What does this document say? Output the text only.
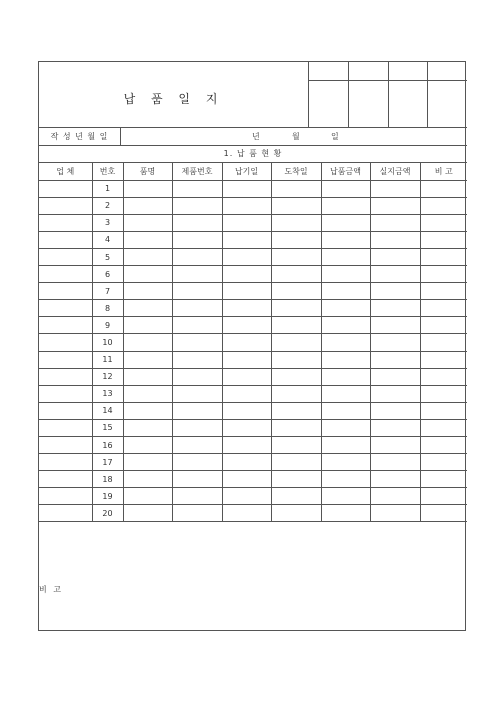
납 품 일 지

작 성 년 월 일	년	월	일
1. 납 품 현 황
업 체	번호	품명	제품번호	납기일	도착일	납품금액	실지금액	비 고
	1							
	2							
	3							
	4							
	5							
	6							
	7							
	8							
	9							
	10							
	11							
	12							
	13							
	14							
	15							
	16							
	17							
	18							
	19							
	20							
비 고
